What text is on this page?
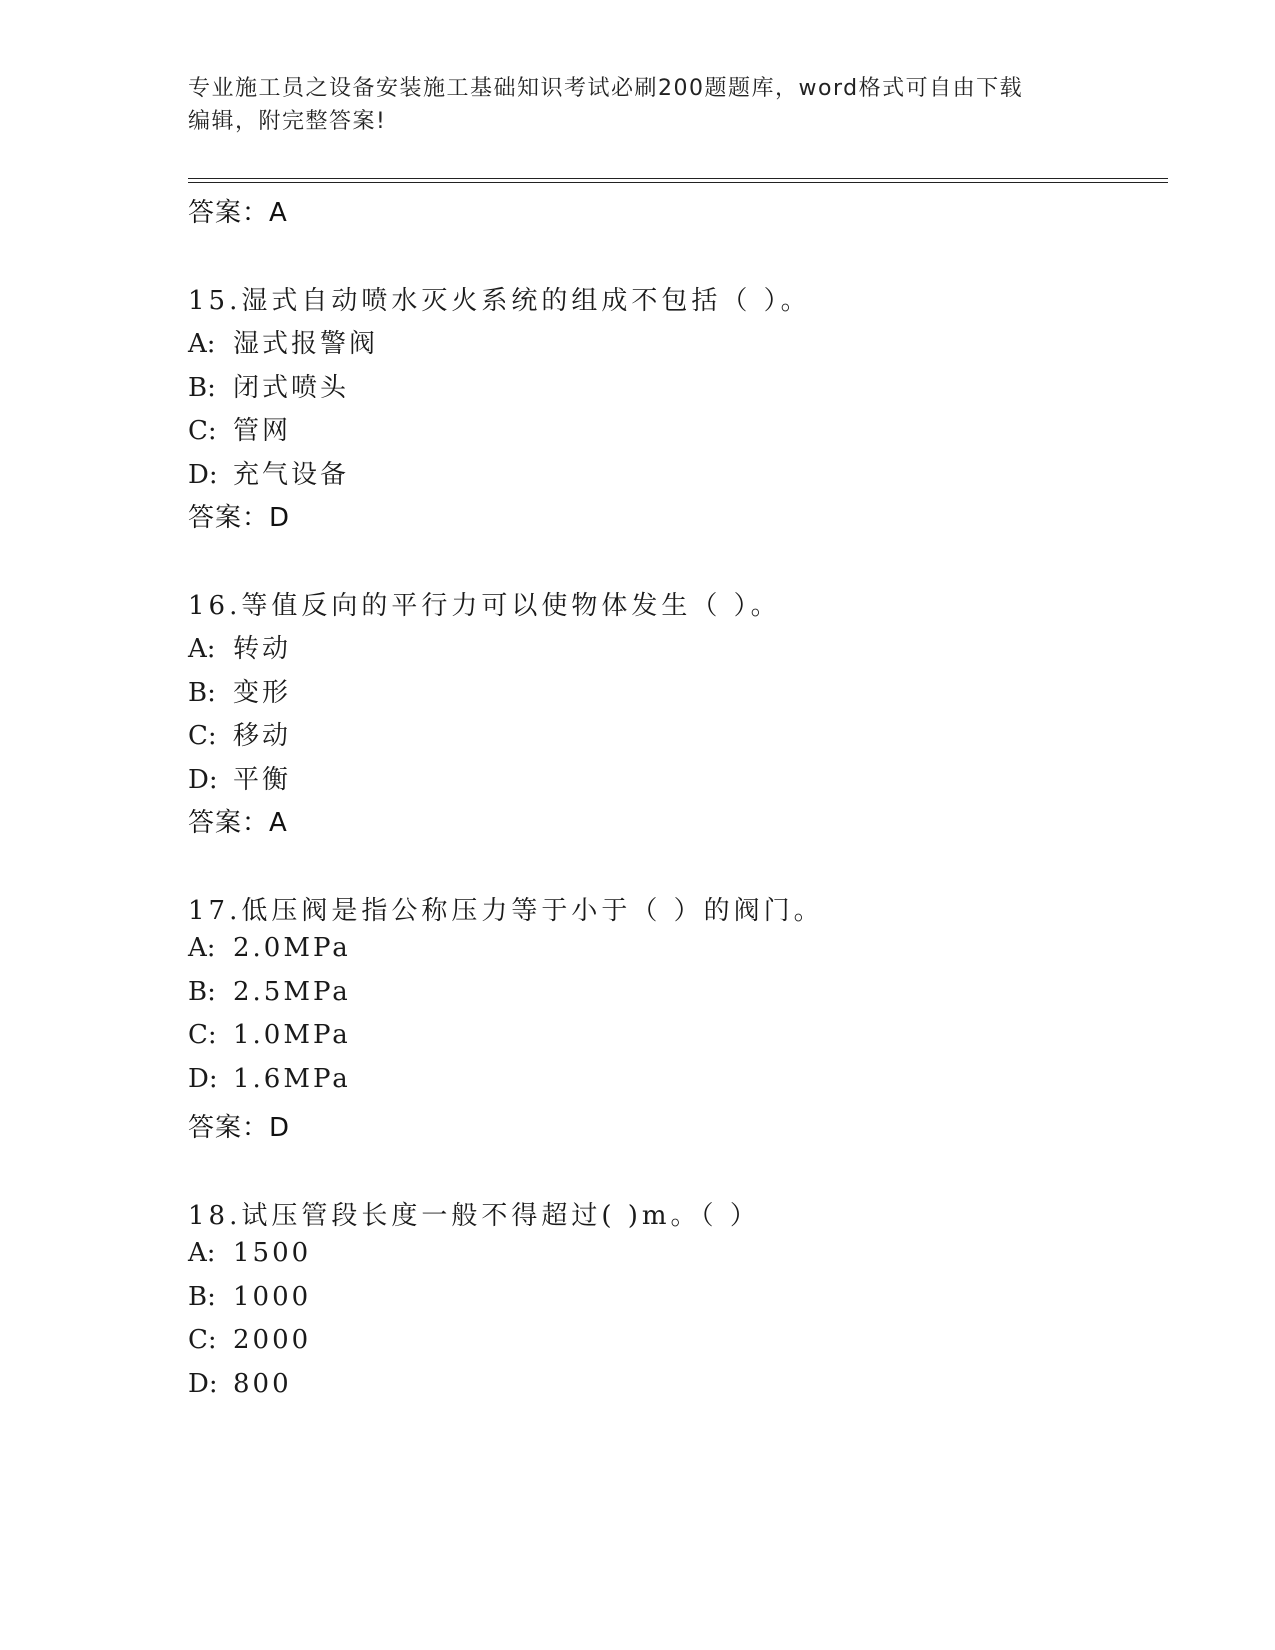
专业施工员之设备安装施工基础知识考试必刷200题题库，word格式可自由下载
编辑，附完整答案!
答案：A
15.湿式自动喷水灭火系统的组成不包括（ ）。
A: 湿式报警阀
B: 闭式喷头
C: 管网
D: 充气设备
答案：D
16.等值反向的平行力可以使物体发生（ ）。
A: 转动
B: 变形
C: 移动
D: 平衡
答案：A
17.低压阀是指公称压力等于小于（ ）的阀门。
A: 2.0MPa
B: 2.5MPa
C: 1.0MPa
D: 1.6MPa
答案：D
18.试压管段长度一般不得超过( )m。（ ）
A: 1500
B: 1000
C: 2000
D: 800
